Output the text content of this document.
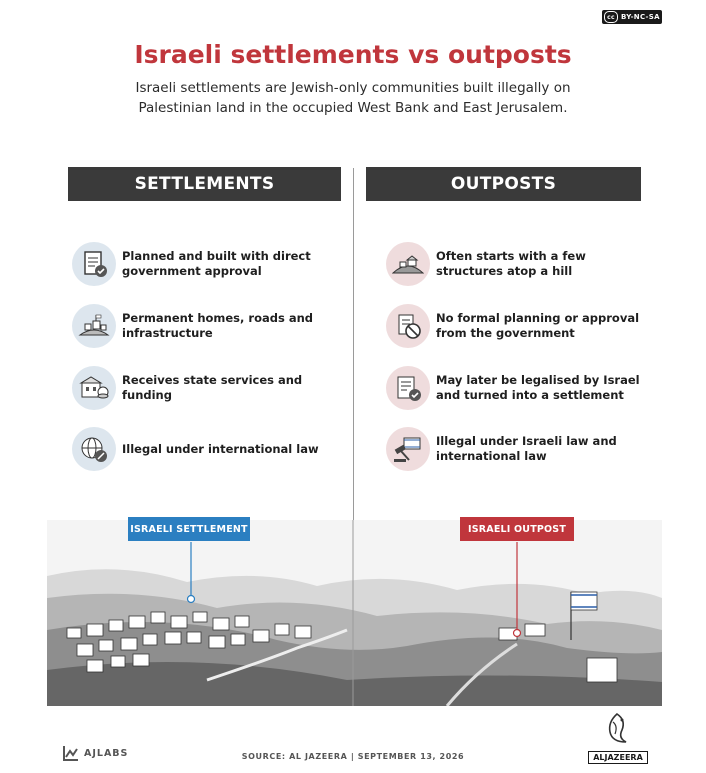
cc BY-NC-SA
Israeli settlements vs outposts
Israeli settlements are Jewish-only communities built illegally on Palestinian land in the occupied West Bank and East Jerusalem.
SETTLEMENTS	OUTPOSTS
Planned and built with direct government approval
Permanent homes, roads and infrastructure
Receives state services and funding
Illegal under international law
Often starts with a few structures atop a hill
No formal planning or approval from the government
May later be legalised by Israel and turned into a settlement
Illegal under Israeli law and international law
ISRAELI SETTLEMENT	ISRAELI OUTPOST
AJLABS	SOURCE: AL JAZEERA | SEPTEMBER 13, 2026	ALJAZEERA
